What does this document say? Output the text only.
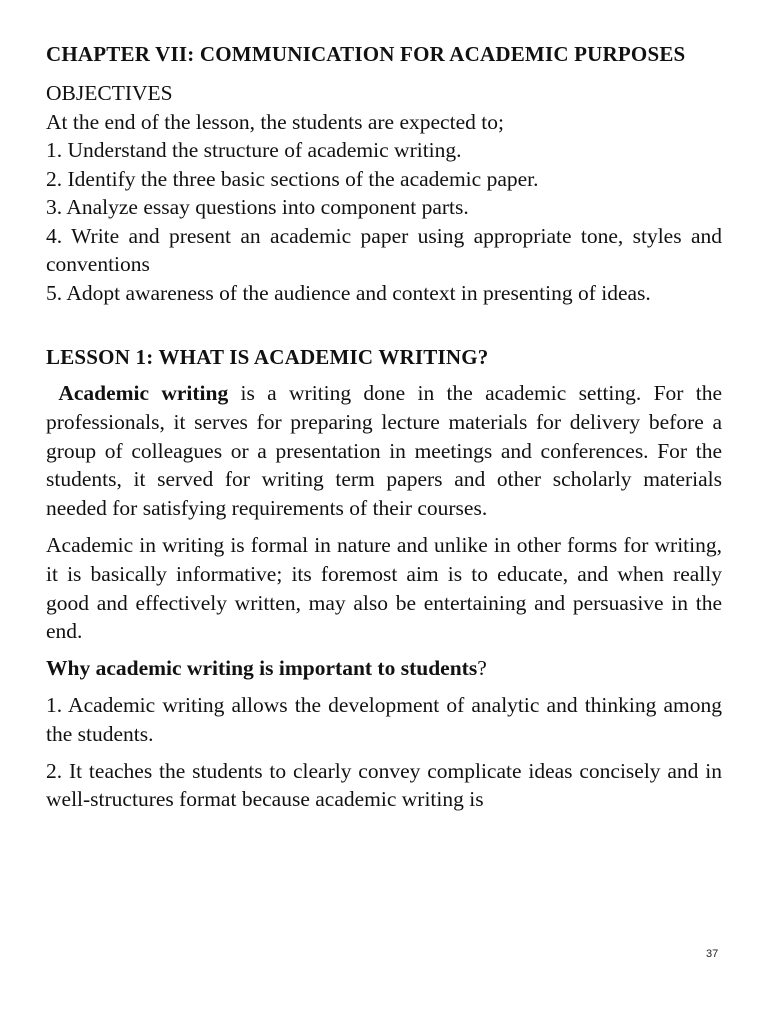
CHAPTER VII: COMMUNICATION FOR ACADEMIC PURPOSES

OBJECTIVES

At the end of the lesson, the students are expected to;

1. Understand the structure of academic writing.

2. Identify the three basic sections of the academic paper.

3. Analyze essay questions into component parts.

4. Write and present an academic paper using appropriate tone, styles and conventions

5. Adopt awareness of the audience and context in presenting of ideas.

LESSON 1: WHAT IS ACADEMIC WRITING?

Academic writing is a writing done in the academic setting. For the professionals, it serves for preparing lecture materials for delivery before a group of colleagues or a presentation in meetings and conferences. For the students, it served for writing term papers and other scholarly materials needed for satisfying requirements of their courses.

Academic in writing is formal in nature and unlike in other forms for writing, it is basically informative; its foremost aim is to educate, and when really good and effectively written, may also be entertaining and persuasive in the end.

Why academic writing is important to students?

1. Academic writing allows the development of analytic and thinking among the students.

2. It teaches the students to clearly convey complicate ideas concisely and in well-structures format because academic writing is

37
